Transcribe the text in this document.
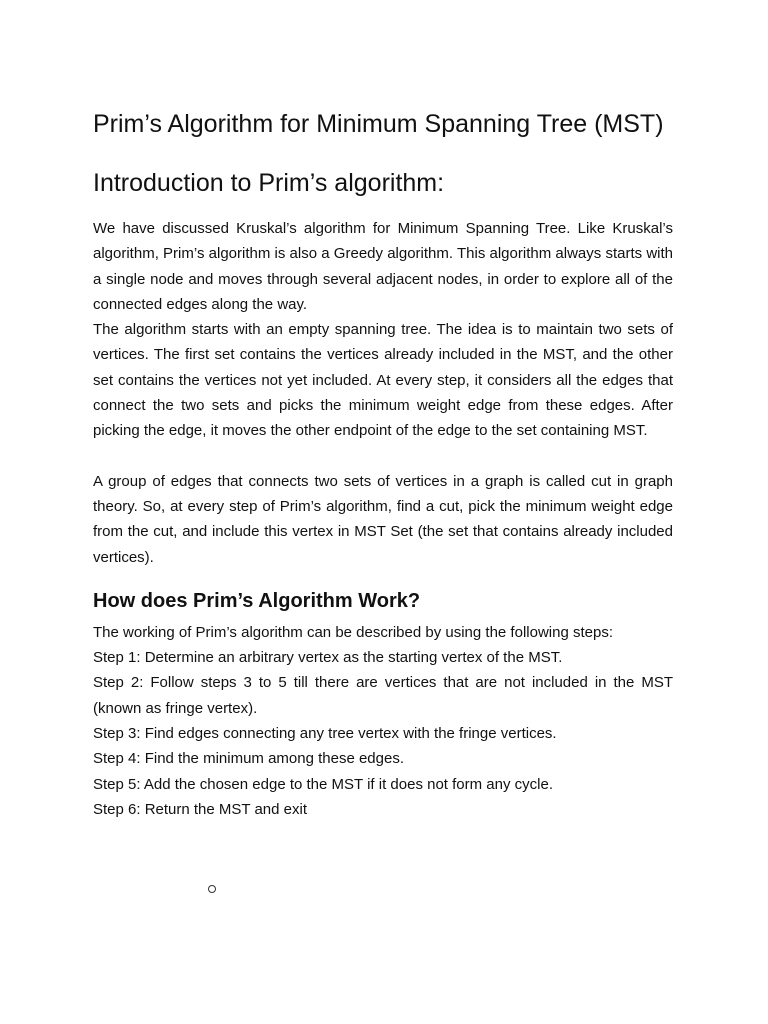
Prim’s Algorithm for Minimum Spanning Tree (MST)
Introduction to Prim’s algorithm:

We have discussed Kruskal’s algorithm for Minimum Spanning Tree. Like Kruskal’s algorithm, Prim’s algorithm is also a Greedy algorithm. This algorithm always starts with a single node and moves through several adjacent nodes, in order to explore all of the connected edges along the way.

The algorithm starts with an empty spanning tree. The idea is to maintain two sets of vertices. The first set contains the vertices already included in the MST, and the other set contains the vertices not yet included. At every step, it considers all the edges that connect the two sets and picks the minimum weight edge from these edges. After picking the edge, it moves the other endpoint of the edge to the set containing MST.

A group of edges that connects two sets of vertices in a graph is called cut in graph theory. So, at every step of Prim’s algorithm, find a cut, pick the minimum weight edge from the cut, and include this vertex in MST Set (the set that contains already included vertices).

How does Prim’s Algorithm Work?

The working of Prim’s algorithm can be described by using the following steps:

Step 1: Determine an arbitrary vertex as the starting vertex of the MST.

Step 2: Follow steps 3 to 5 till there are vertices that are not included in the MST (known as fringe vertex).

Step 3: Find edges connecting any tree vertex with the fringe vertices.

Step 4: Find the minimum among these edges.

Step 5: Add the chosen edge to the MST if it does not form any cycle.

Step 6: Return the MST and exit
